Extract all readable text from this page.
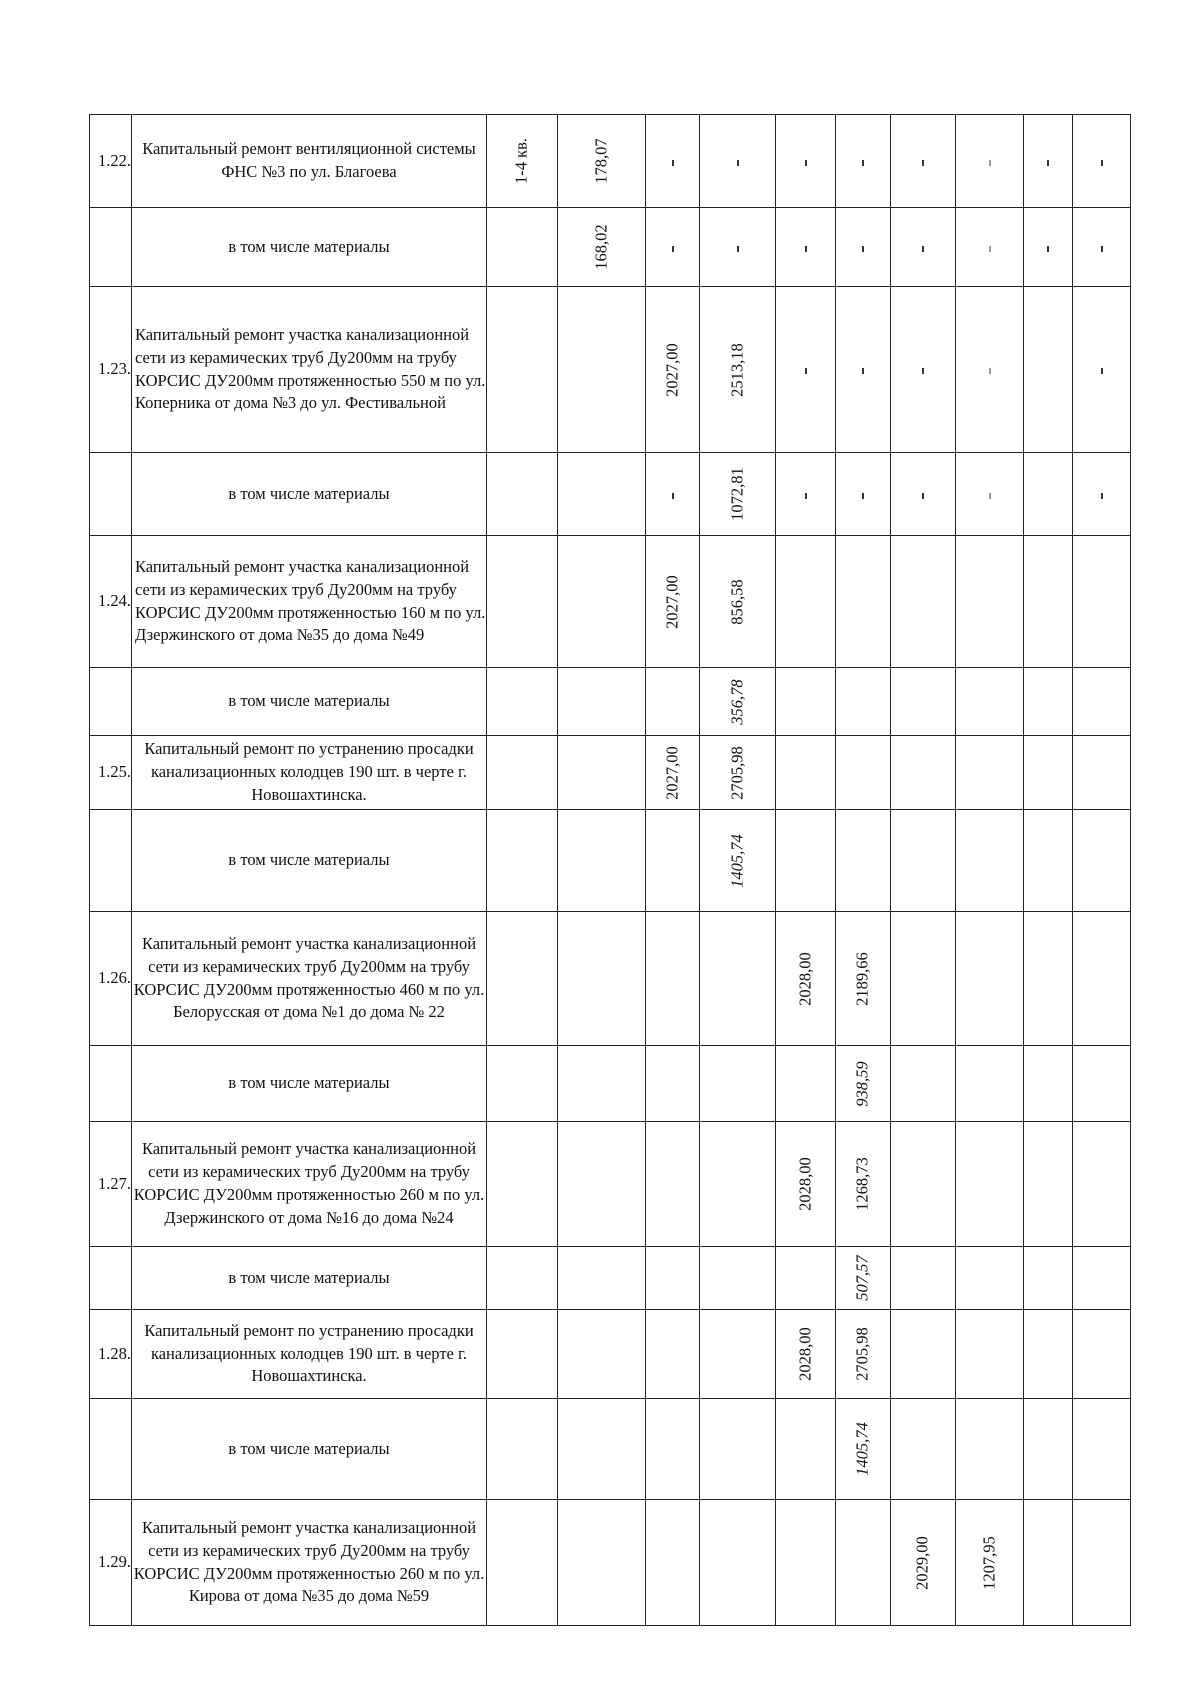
1.22.	Капитальный ремонт вентиляционной системы ФНС №3 по ул. Благоева	1-4 кв.	178,07								

	в том числе материалы		168,02								

1.23.	Капитальный ремонт участка канализационной сети из керамических труб Ду200мм на трубу КОРСИС ДУ200мм протяженностью 550 м по ул. Коперника от дома №3 до ул. Фестивальной			2027,00	2513,18						

	в том числе материалы				1072,81						

1.24.	Капитальный ремонт участка канализационной сети из керамических труб Ду200мм на трубу КОРСИС ДУ200мм протяженностью 160 м по ул. Дзержинского от дома №35 до дома №49			2027,00	856,58						

	в том числе материалы				356,78						

1.25.	Капитальный ремонт по устранению просадки канализационных колодцев 190 шт. в черте г. Новошахтинска.			2027,00	2705,98						

	в том числе материалы				1405,74						

1.26.	Капитальный ремонт участка канализационной сети из керамических труб Ду200мм на трубу КОРСИС ДУ200мм протяженностью 460 м по ул. Белорусская от дома №1 до дома № 22					2028,00	2189,66				

	в том числе материалы						938,59				

1.27.	Капитальный ремонт участка канализационной сети из керамических труб Ду200мм на трубу КОРСИС ДУ200мм протяженностью 260 м по ул. Дзержинского от дома №16 до дома №24					2028,00	1268,73				

	в том числе материалы						507,57				

1.28.	Капитальный ремонт по устранению просадки канализационных колодцев 190 шт. в черте г. Новошахтинска.					2028,00	2705,98				

	в том числе материалы						1405,74				

1.29.	Капитальный ремонт участка канализационной сети из керамических труб Ду200мм на трубу КОРСИС ДУ200мм протяженностью 260 м по ул. Кирова от дома №35 до дома №59							2029,00	1207,95		
